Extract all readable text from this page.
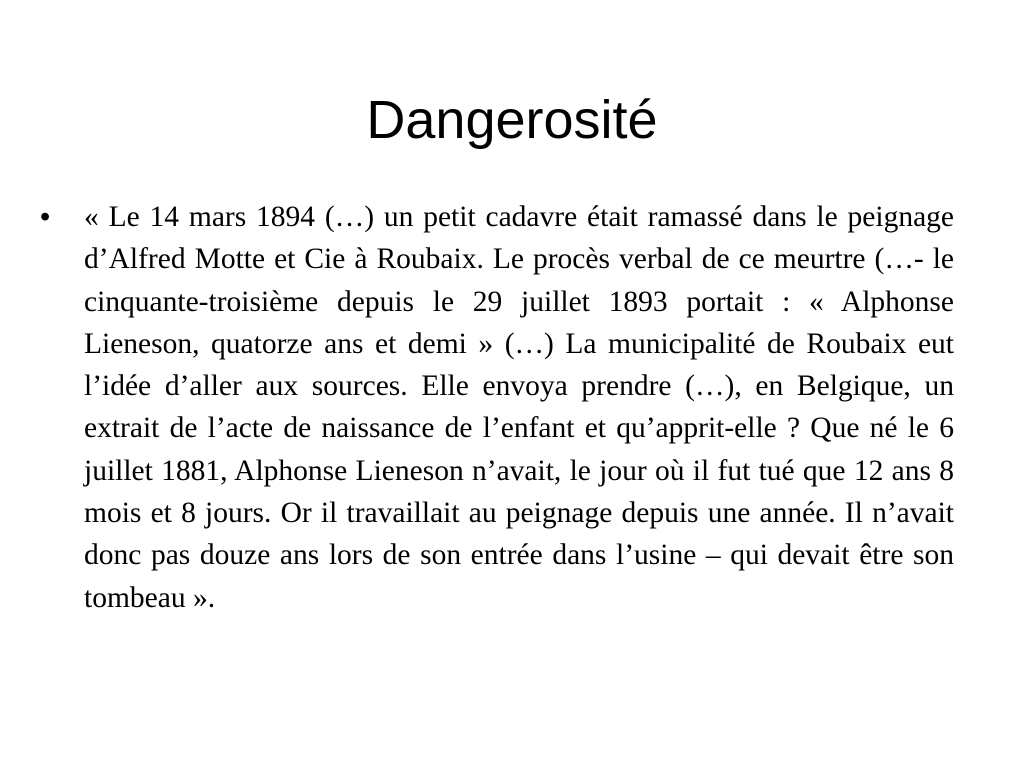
Dangerosité
• « Le 14 mars 1894 (…) un petit cadavre était ramassé dans le peignage d’Alfred Motte et Cie à Roubaix. Le procès verbal de ce meurtre (…- le cinquante-troisième depuis le 29 juillet 1893 portait : « Alphonse Lieneson, quatorze ans et demi » (…) La municipalité de Roubaix eut l’idée d’aller aux sources. Elle envoya prendre (…), en Belgique, un extrait de l’acte de naissance de l’enfant et qu’apprit-elle ? Que né le 6 juillet 1881, Alphonse Lieneson n’avait, le jour où il fut tué que 12 ans 8 mois et 8 jours. Or il travaillait au peignage depuis une année. Il n’avait donc pas douze ans lors de son entrée dans l’usine – qui devait être son tombeau ».
